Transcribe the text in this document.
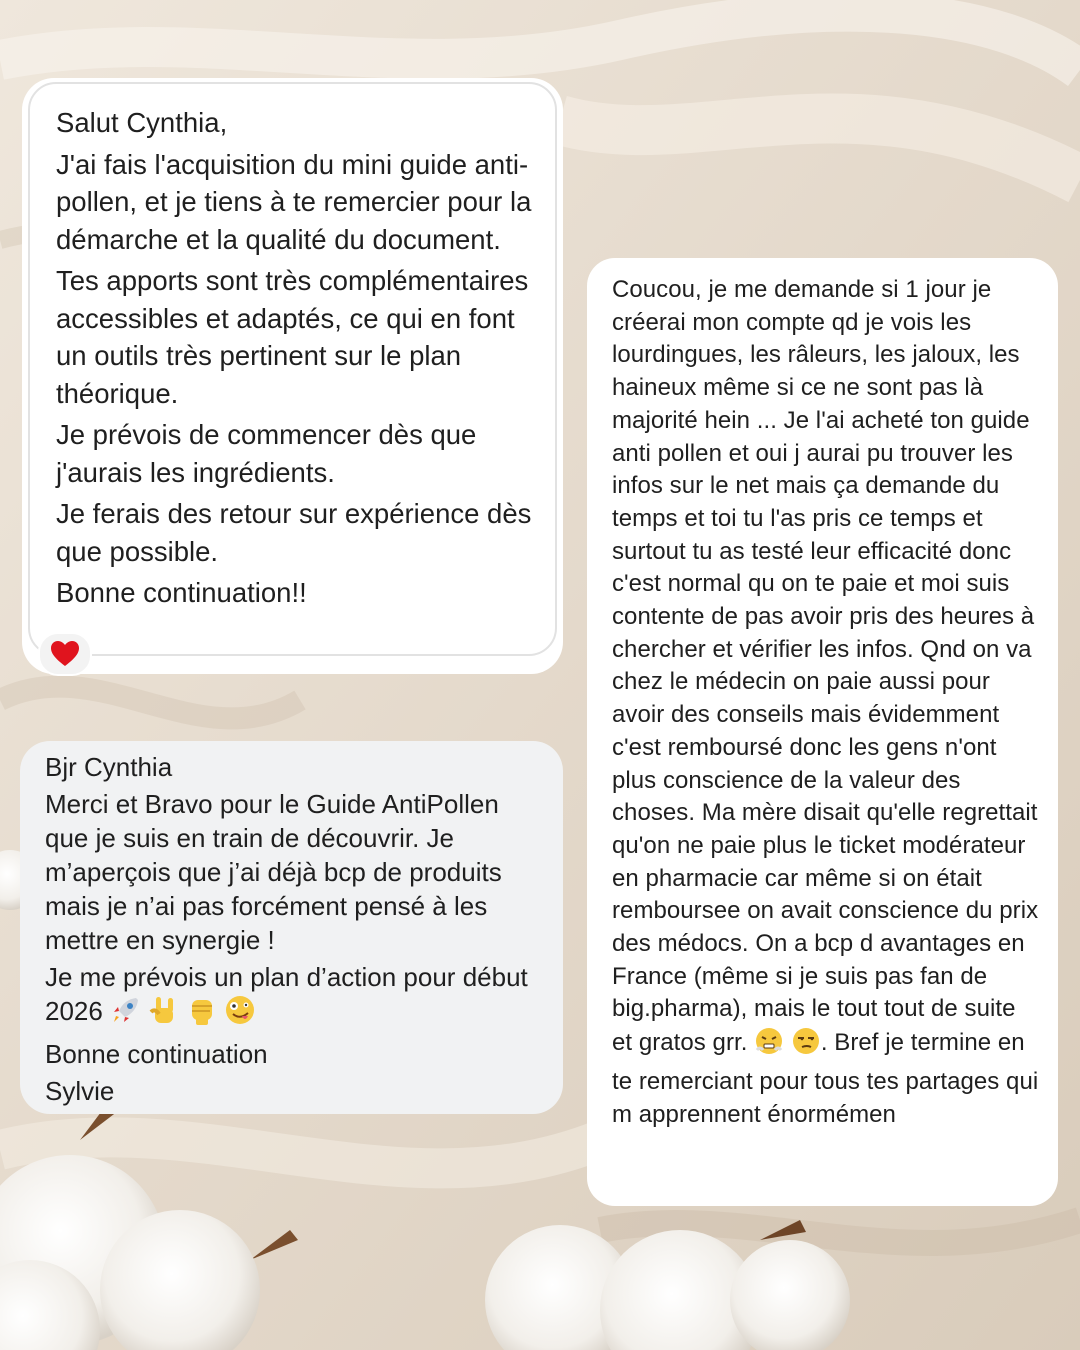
Salut Cynthia,

J'ai fais l'acquisition du mini guide anti-pollen, et je tiens à te remercier pour la démarche et la qualité du document.

Tes apports sont très complémentaires accessibles et adaptés, ce qui en font un outils très pertinent sur le plan théorique.

Je prévois de commencer dès que j'aurais les ingrédients.

Je ferais des retour sur expérience dès que possible.

Bonne continuation!!

Bjr Cynthia

Merci et Bravo pour le Guide AntiPollen que je suis en train de découvrir. Je m’aperçois que j’ai déjà bcp de produits mais je n’ai pas forcément pensé à les mettre en synergie !

Je me prévois un plan d’action pour début 2026

Bonne continuation

Sylvie

Coucou, je me demande si 1 jour je créerai mon compte qd je vois les lourdingues, les râleurs, les jaloux, les haineux même si ce ne sont pas là majorité hein ... Je l'ai acheté ton guide anti pollen et oui j aurai pu trouver les infos sur le net mais ça demande du temps et toi tu l'as pris ce temps et surtout tu as testé leur efficacité donc c'est normal qu on te paie et moi suis contente de pas avoir pris des heures à chercher et vérifier les infos. Qnd on va chez le médecin on paie aussi pour avoir des conseils mais évidemment c'est remboursé donc les gens n'ont plus conscience de la valeur des choses. Ma mère disait qu'elle regrettait qu'on ne paie plus le ticket modérateur en pharmacie car même si on était remboursee on avait conscience du prix des médocs. On a bcp d avantages en France (même si je suis pas fan de big.pharma), mais le tout tout de suite et gratos grr.	. Bref je termine en te remerciant pour tous tes partages qui m apprennent énormémen
